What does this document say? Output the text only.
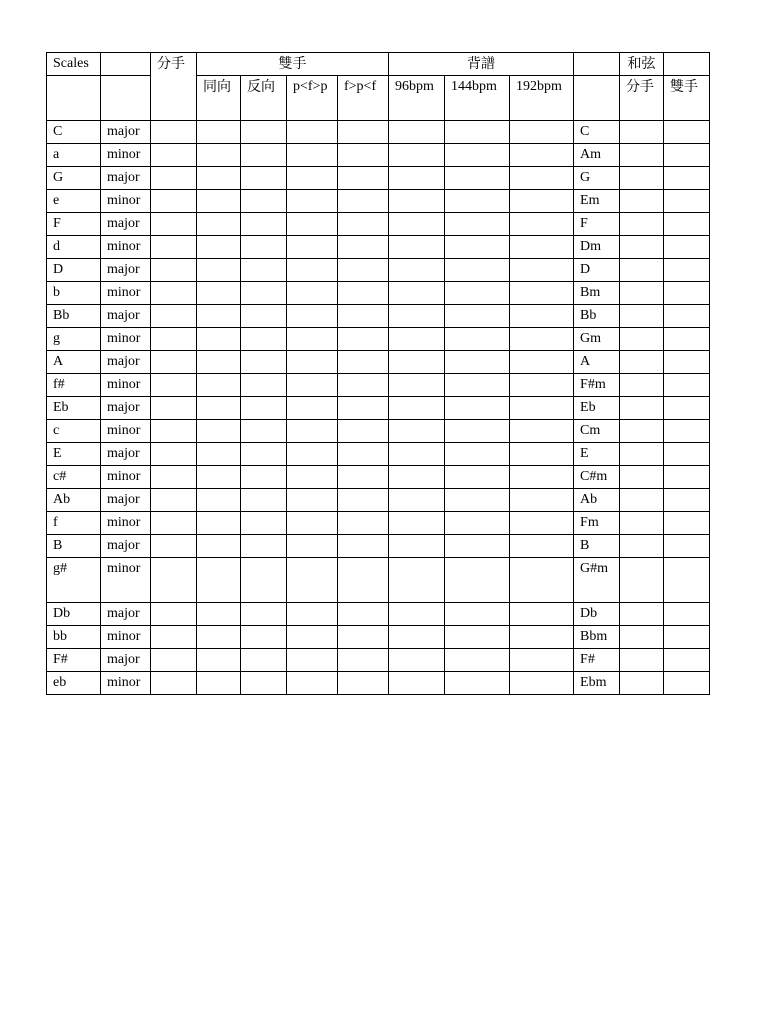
Scales		分手	雙手				背譜				和弦	
			同向	反向	p<f>p	f>p<f	96bpm	144bpm	192bpm		分手	雙手
C	major									C		
a	minor									Am		
G	major									G		
e	minor									Em		
F	major									F		
d	minor									Dm		
D	major									D		
b	minor									Bm		
Bb	major									Bb		
g	minor									Gm		
A	major									A		
f#	minor									F#m		
Eb	major									Eb		
c	minor									Cm		
E	major									E		
c#	minor									C#m		
Ab	major									Ab		
f	minor									Fm		
B	major									B		
g#	minor									G#m		
Db	major									Db		
bb	minor									Bbm		
F#	major									F#		
eb	minor									Ebm		
